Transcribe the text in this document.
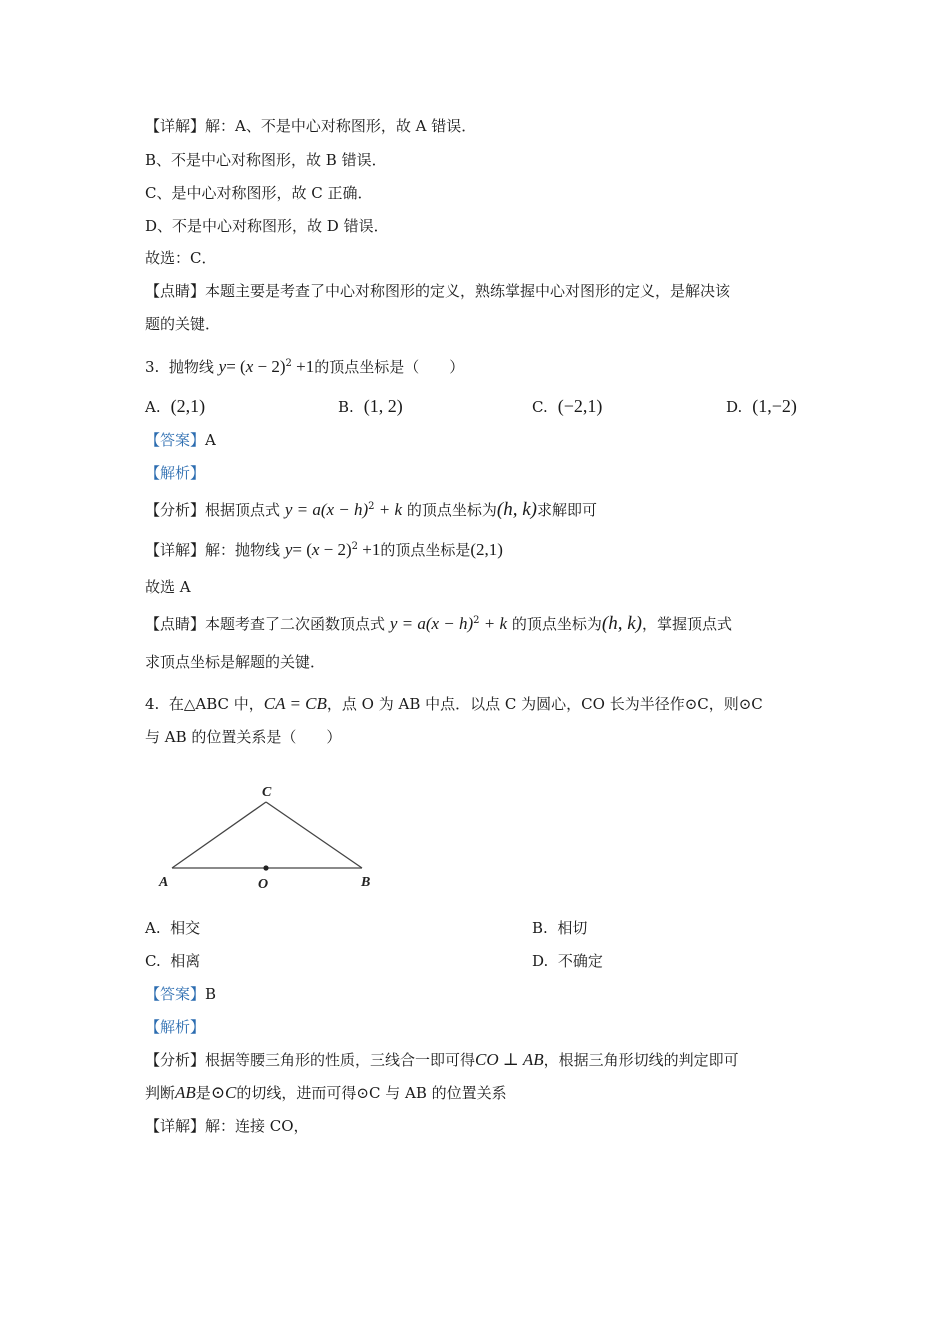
【详解】解：A、不是中心对称图形，故 A 错误．
B、不是中心对称图形，故 B 错误．
C、是中心对称图形，故 C 正确．
D、不是中心对称图形，故 D 错误．
故选：C．
【点睛】本题主要是考查了中心对称图形的定义，熟练掌握中心对图形的定义，是解决该
题的关键．
3. 抛物线 $y= (x - 2)^2 +1$的顶点坐标是（　　）
A. (2,1)	B. (1, 2)	C. (−2,1)	D. (1,−2)
【答案】A
【解析】
【分析】根据顶点式 $y = a(x - h)^2 + k$ 的顶点坐标为(h, k)求解即可
【详解】解：抛物线 $y= (x - 2)^2 +1$的顶点坐标是(2,1)
故选 A
【点睛】本题考查了二次函数顶点式 $y = a(x - h)^2 + k$ 的顶点坐标为(h, k)，掌握顶点式
求顶点坐标是解题的关键．
4. 在△ABC 中，CA = CB，点 O 为 AB 中点．以点 C 为圆心，CO 长为半径作⊙C，则⊙C
与 AB 的位置关系是（　　）
C
A	O	B
A. 相交	B. 相切
C. 相离	D. 不确定
【答案】B
【解析】
【分析】根据等腰三角形的性质，三线合一即可得CO ⊥ AB，根据三角形切线的判定即可
判断AB是⊙C的切线，进而可得⊙C 与 AB 的位置关系
【详解】解：连接 CO，
